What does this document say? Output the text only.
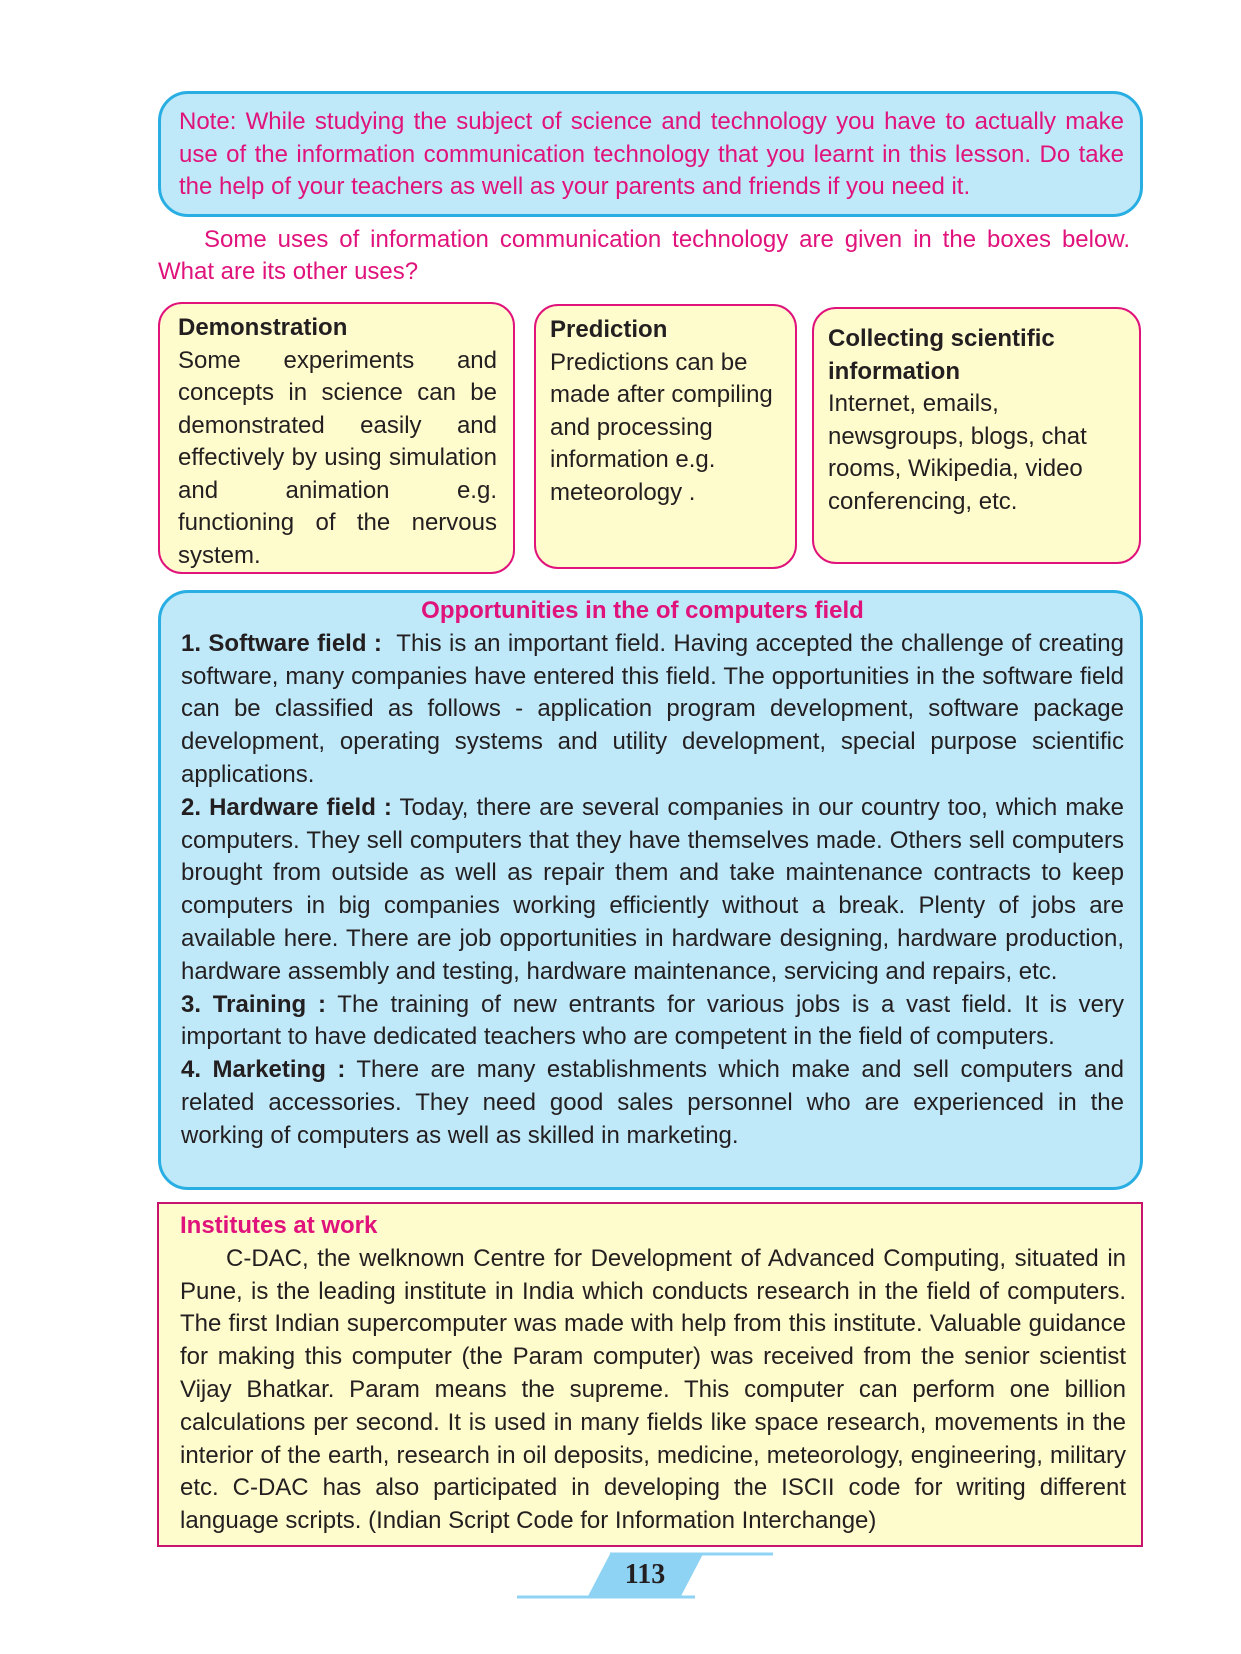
Note: While studying the subject of science and technology you have to actually make use of the information communication technology that you learnt in this lesson. Do take the help of your teachers as well as your parents and friends if you need it.
Some uses of information communication technology are given in the boxes below. What are its other uses?
Demonstration
Some experiments and concepts in science can be demonstrated easily and effectively by using simulation and animation e.g. functioning of the nervous system.
Prediction
Predictions can be made after compiling and processing information e.g. meteorology .
Collecting scientific information
Internet, emails, newsgroups, blogs, chat rooms, Wikipedia, video conferencing, etc.
Opportunities in the of computers field

1. Software field : This is an important field. Having accepted the challenge of creating software, many companies have entered this field. The opportunities in the software field can be classified as follows - application program development, software package development, operating systems and utility development, special purpose scientific applications.

2. Hardware field : Today, there are several companies in our country too, which make computers. They sell computers that they have themselves made. Others sell computers brought from outside as well as repair them and take maintenance contracts to keep computers in big companies working efficiently without a break. Plenty of jobs are available here. There are job opportunities in hardware designing, hardware production, hardware assembly and testing, hardware maintenance, servicing and repairs, etc.

3. Training : The training of new entrants for various jobs is a vast field. It is very important to have dedicated teachers who are competent in the field of computers.

4. Marketing : There are many establishments which make and sell computers and related accessories. They need good sales personnel who are experienced in the working of computers as well as skilled in marketing.

Institutes at work
C-DAC, the welknown Centre for Development of Advanced Computing, situated in Pune, is the leading institute in India which conducts research in the field of computers. The first Indian supercomputer was made with help from this institute. Valuable guidance for making this computer (the Param computer) was received from the senior scientist Vijay Bhatkar. Param means the supreme. This computer can perform one billion calculations per second. It is used in many fields like space research, movements in the interior of the earth, research in oil deposits, medicine, meteorology, engineering, military etc. C-DAC has also participated in developing the ISCII code for writing different language scripts. (Indian Script Code for Information Interchange)
113
